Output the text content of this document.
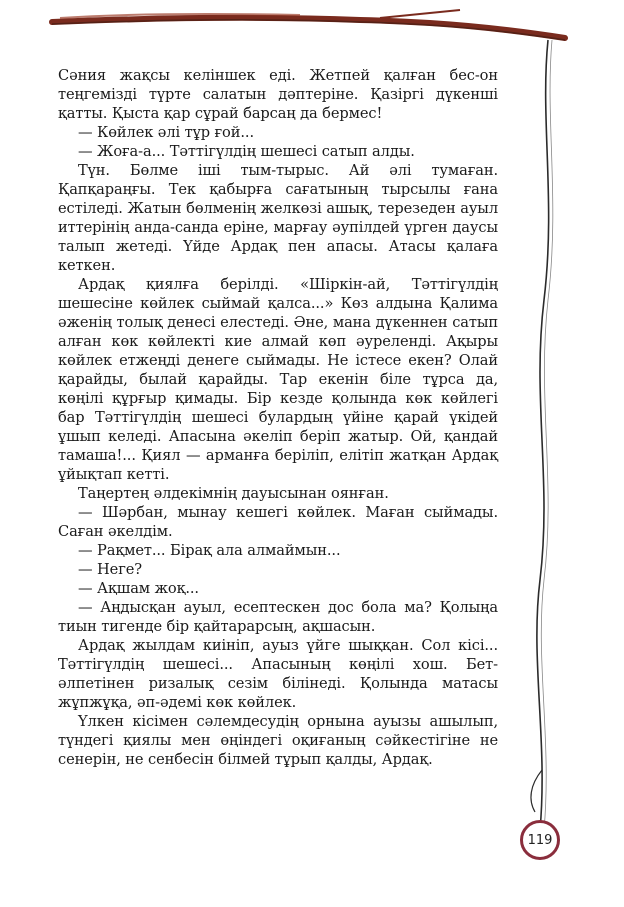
Сәния жақсы келіншек еді. Жетпей қалған бес-он теңгемізді түрте салатын дәптеріне. Қазіргі дүкенші қатты. Қыста қар сұрай барсаң да бермес!

— Көйлек әлі тұр ғой...

— Жоға-а... Тәттігүлдің шешесі сатып алды.

Түн. Бөлме іші тым-тырыс. Ай әлі тумаған. Қапқараңғы. Тек қабырға сағатының тырсылы ғана естіледі. Жатын бөлменің желкөзі ашық, терезеден ауыл иттерінің анда-санда еріне, марғау әупілдей үрген даусы талып жетеді. Үйде Ардақ пен апасы. Атасы қалаға кеткен.

Ардақ қиялға берілді. «Шіркін-ай, Тәттігүлдің шешесіне көйлек сыймай қалса...» Көз алдына Қалима әженің толық денесі елестеді. Әне, мана дүкеннен сатып алған көк көйлекті кие алмай көп әуреленді. Ақыры көйлек етжеңді денеге сыймады. Не істесе екен? Олай қарайды, былай қарайды. Тар екенін біле тұрса да, көңілі құрғыр қимады. Бір кезде қолында көк көйлегі бар Тәттігүлдің шешесі булардың үйіне қарай үкідей ұшып келеді. Апасына әкеліп беріп жатыр. Ой, қандай тамаша!... Қиял — арманға беріліп, елітіп жатқан Ардақ ұйықтап кетті.

Таңертең әлдекімнің дауысынан оянған.

— Шәрбан, мынау кешегі көйлек. Маған сыймады. Саған әкелдім.

— Рақмет... Бірақ ала алмаймын...

— Неге?

— Ақшам жоқ...

— Аңдысқан ауыл, есептескен дос бола ма? Қолыңа тиын тигенде бір қайтарарсың, ақшасын.

Ардақ жылдам киініп, ауыз үйге шыққан. Сол кісі... Тәттігүлдің шешесі... Апасының көңілі хош. Бет-әлпетінен ризалық сезім білінеді. Қолында матасы жұпжұқа, әп-әдемі көк көйлек.

Үлкен кісімен сәлемдесудің орнына ауызы ашылып, түндегі қиялы мен өңіндегі оқиғаның сәйкестігіне не сенерін, не сенбесін білмей тұрып қалды, Ардақ.

119
